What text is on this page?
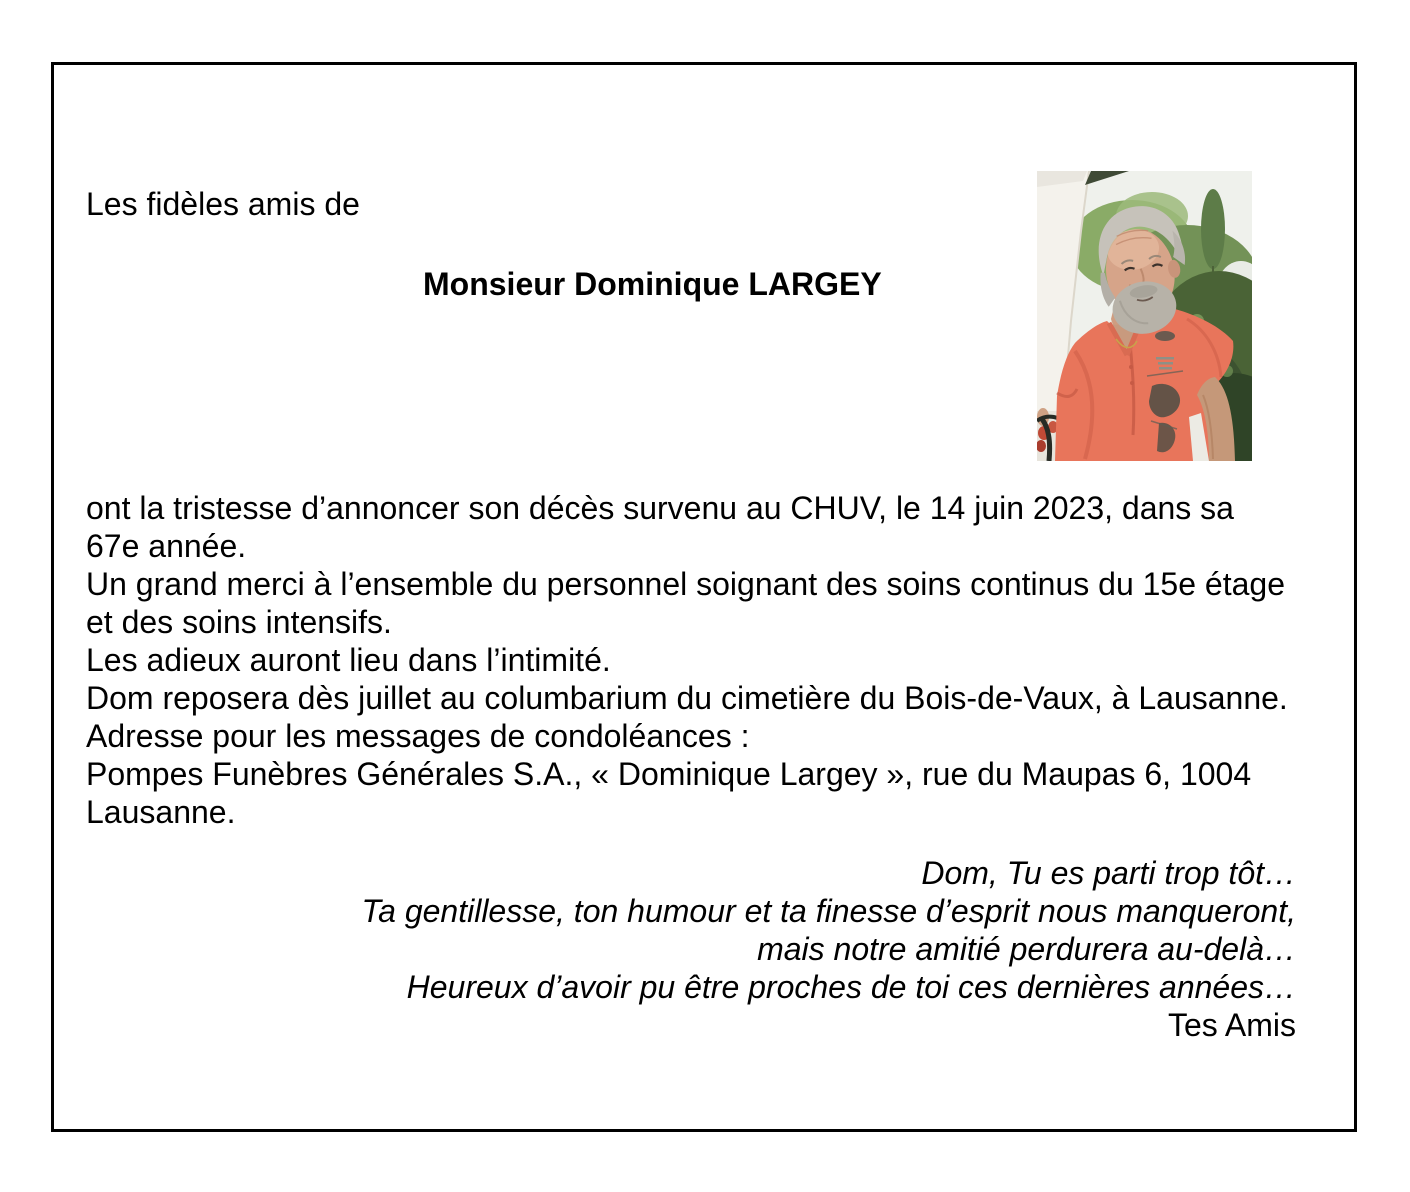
Les fidèles amis de
Monsieur Dominique LARGEY
ont la tristesse d’annoncer son décès survenu au CHUV, le 14 juin 2023, dans sa
67e année.
Un grand merci à l’ensemble du personnel soignant des soins continus du 15e étage
et des soins intensifs.
Les adieux auront lieu dans l’intimité.
Dom reposera dès juillet au columbarium du cimetière du Bois-de-Vaux, à Lausanne.
Adresse pour les messages de condoléances :
Pompes Funèbres Générales S.A., « Dominique Largey », rue du Maupas 6, 1004
Lausanne.
Dom, Tu es parti trop tôt…
Ta gentillesse, ton humour et ta finesse d’esprit nous manqueront,
mais notre amitié perdurera au-delà…
Heureux d’avoir pu être proches de toi ces dernières années…
Tes Amis
